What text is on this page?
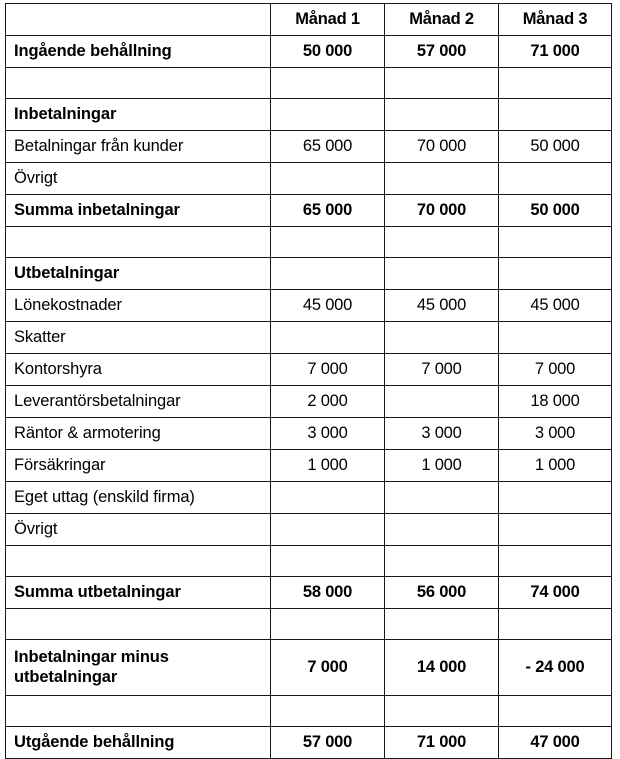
	Månad 1	Månad 2	Månad 3
Ingående behållning	50 000	57 000	71 000

Inbetalningar			
Betalningar från kunder	65 000	70 000	50 000
Övrigt			
Summa inbetalningar	65 000	70 000	50 000

Utbetalningar			
Lönekostnader	45 000	45 000	45 000
Skatter			
Kontorshyra	7 000	7 000	7 000
Leverantörsbetalningar	2 000		18 000
Räntor & armotering	3 000	3 000	3 000
Försäkringar	1 000	1 000	1 000
Eget uttag (enskild firma)			
Övrigt			

Summa utbetalningar	58 000	56 000	74 000

Inbetalningar minus utbetalningar	7 000	14 000	- 24 000

Utgående behållning	57 000	71 000	47 000
